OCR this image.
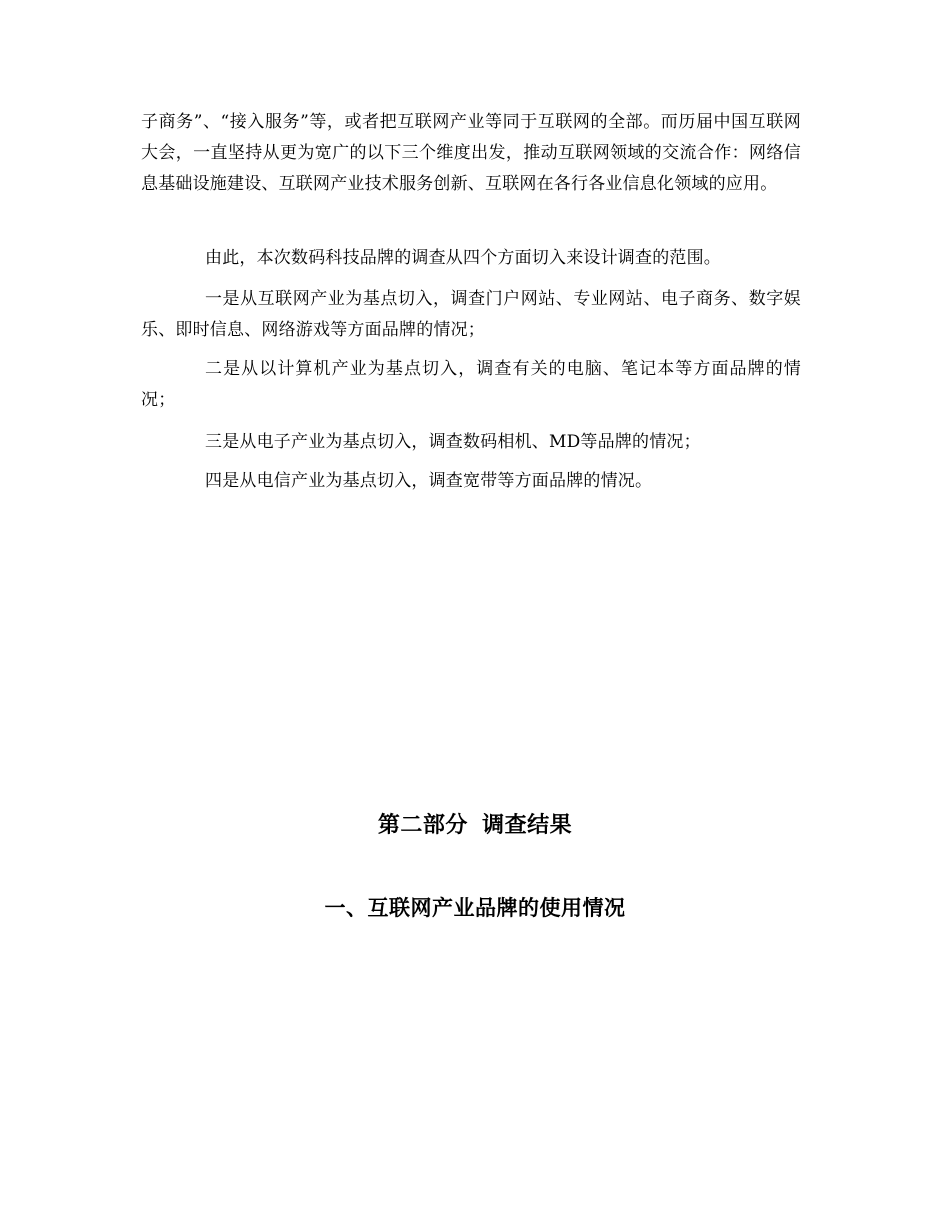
子商务”、“接入服务”等，或者把互联网产业等同于互联网的全部。而历届中国互联网大会，一直坚持从更为宽广的以下三个维度出发，推动互联网领域的交流合作：网络信息基础设施建设、互联网产业技术服务创新、互联网在各行各业信息化领域的应用。

由此，本次数码科技品牌的调查从四个方面切入来设计调查的范围。

一是从互联网产业为基点切入，调查门户网站、专业网站、电子商务、数字娱乐、即时信息、网络游戏等方面品牌的情况；

二是从以计算机产业为基点切入，调查有关的电脑、笔记本等方面品牌的情况；

三是从电子产业为基点切入，调查数码相机、MD等品牌的情况；

四是从电信产业为基点切入，调查宽带等方面品牌的情况。

第二部分 调查结果
一、互联网产业品牌的使用情况
